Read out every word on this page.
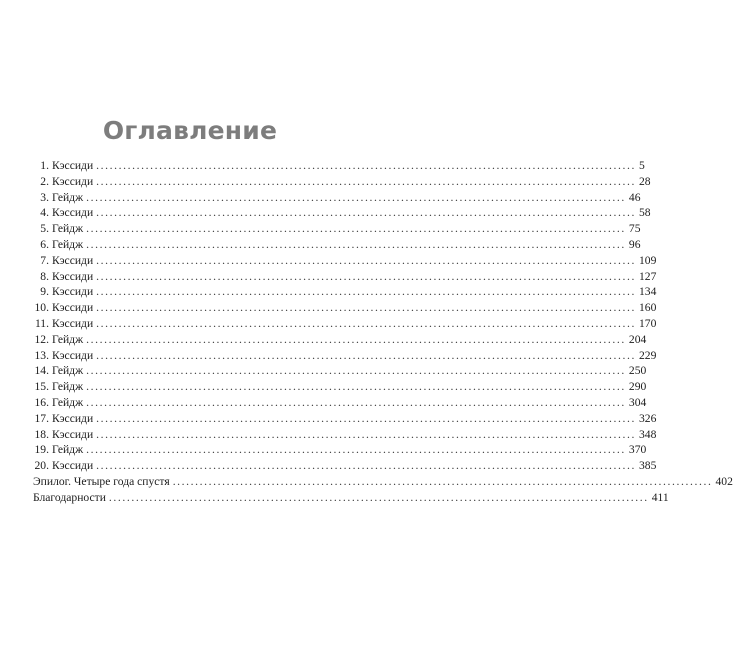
Оглавление
1. Кэссиди ........................................................................................................................ 5
2. Кэссиди ........................................................................................................................ 28
3. Гейдж ........................................................................................................................ 46
4. Кэссиди ........................................................................................................................ 58
5. Гейдж ........................................................................................................................ 75
6. Гейдж ........................................................................................................................ 96
7. Кэссиди ........................................................................................................................ 109
8. Кэссиди ........................................................................................................................ 127
9. Кэссиди ........................................................................................................................ 134
10. Кэссиди ........................................................................................................................ 160
11. Кэссиди ........................................................................................................................ 170
12. Гейдж ........................................................................................................................ 204
13. Кэссиди ........................................................................................................................ 229
14. Гейдж ........................................................................................................................ 250
15. Гейдж ........................................................................................................................ 290
16. Гейдж ........................................................................................................................ 304
17. Кэссиди ........................................................................................................................ 326
18. Кэссиди ........................................................................................................................ 348
19. Гейдж ........................................................................................................................ 370
20. Кэссиди ........................................................................................................................ 385
Эпилог. Четыре года спустя ........................................................................................................................ 402
Благодарности ........................................................................................................................ 411
